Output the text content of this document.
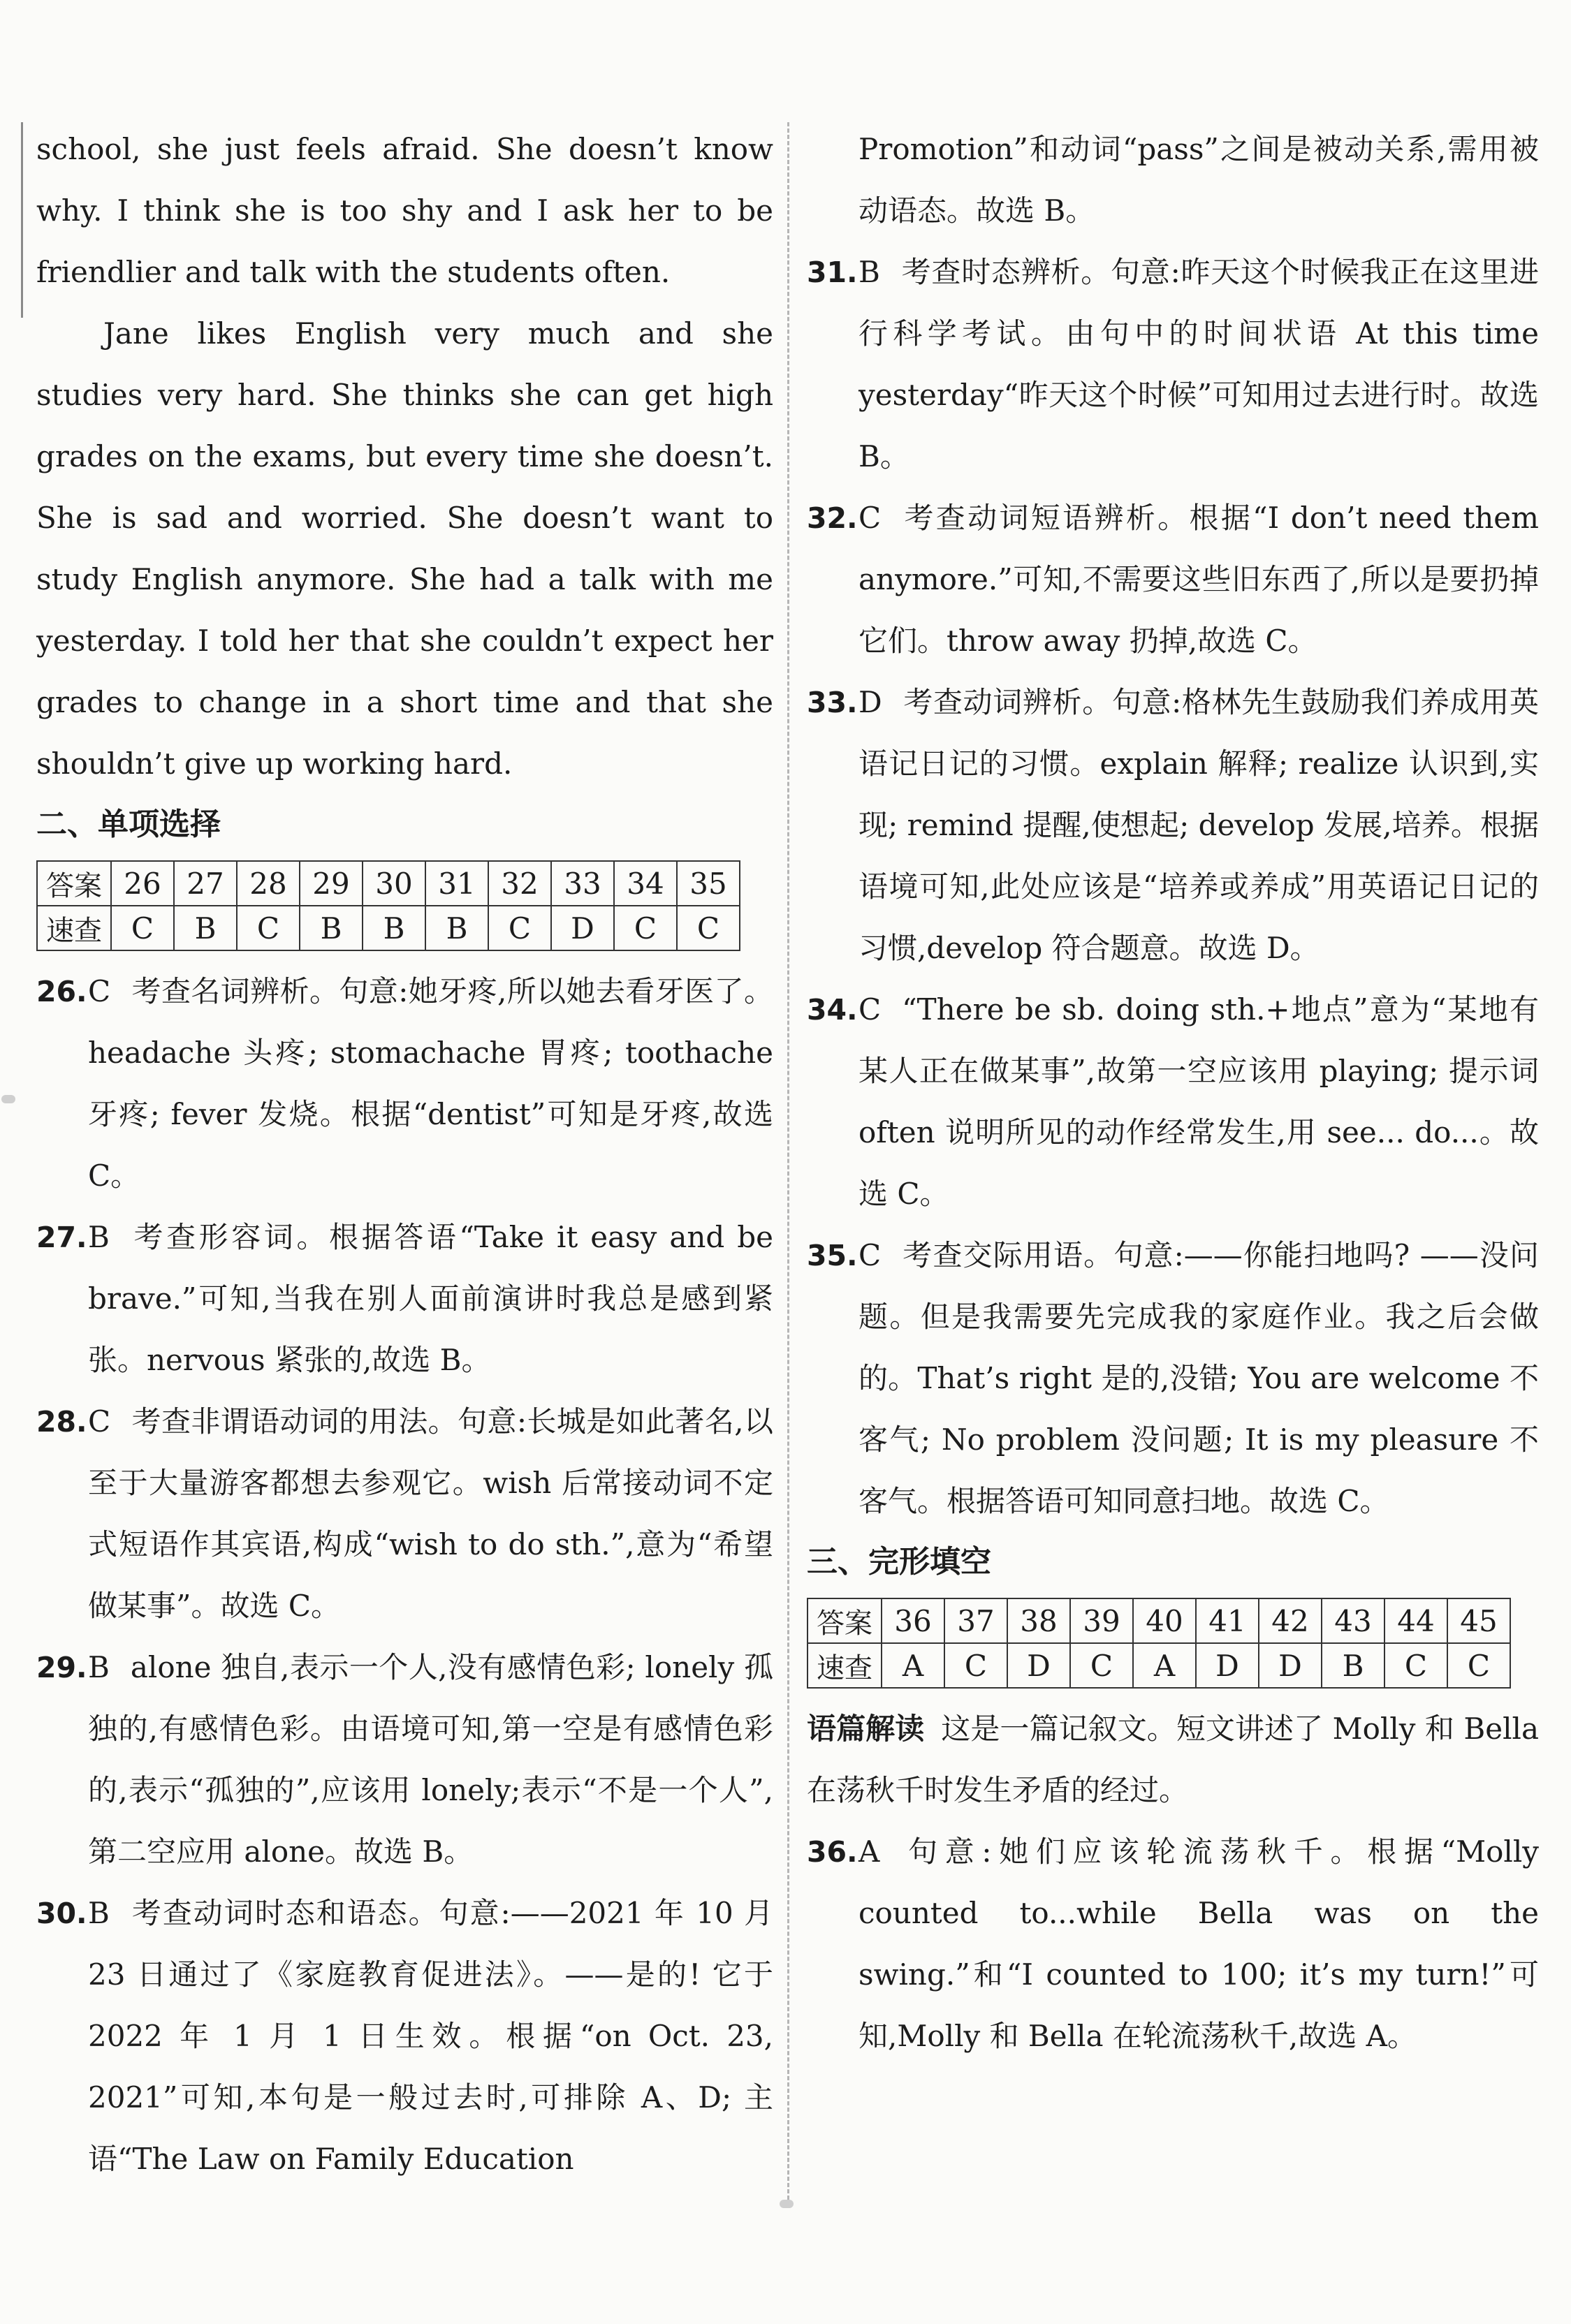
school, she just feels afraid. She doesn’t know why. I think she is too shy and I ask her to be friendlier and talk with the students often.

Jane likes English very much and she studies very hard. She thinks she can get high grades on the exams, but every time she doesn’t. She is sad and worried. She doesn’t want to study English anymore. She had a talk with me yesterday. I told her that she couldn’t expect her grades to change in a short time and that she shouldn’t give up working hard.

二、单项选择
答案	26	27	28	29	30	31	32	33	34	35
速查	C	B	C	B	B	B	C	D	C	C

26. C 考查名词辨析。句意:她牙疼,所以她去看牙医了。headache 头疼; stomachache 胃疼; toothache 牙疼; fever 发烧。根据“dentist”可知是牙疼,故选 C。

27. B 考查形容词。根据答语“Take it easy and be brave.”可知,当我在别人面前演讲时我总是感到紧张。nervous 紧张的,故选 B。

28. C 考查非谓语动词的用法。句意:长城是如此著名,以至于大量游客都想去参观它。wish 后常接动词不定式短语作其宾语,构成“wish to do sth.”,意为“希望做某事”。故选 C。

29. B alone 独自,表示一个人,没有感情色彩; lonely 孤独的,有感情色彩。由语境可知,第一空是有感情色彩的,表示“孤独的”,应该用 lonely;表示“不是一个人”,第二空应用 alone。故选 B。

30. B 考查动词时态和语态。句意:——2021 年 10 月 23 日通过了《家庭教育促进法》。——是的! 它于 2022 年 1 月 1 日生效。根据“on Oct. 23, 2021”可知,本句是一般过去时,可排除 A、D; 主语“The Law on Family Education

Promotion”和动词“pass”之间是被动关系,需用被动语态。故选 B。

31. B 考查时态辨析。句意:昨天这个时候我正在这里进行科学考试。由句中的时间状语 At this time yesterday“昨天这个时候”可知用过去进行时。故选 B。

32. C 考查动词短语辨析。根据“I don’t need them anymore.”可知,不需要这些旧东西了,所以是要扔掉它们。throw away 扔掉,故选 C。

33. D 考查动词辨析。句意:格林先生鼓励我们养成用英语记日记的习惯。explain 解释; realize 认识到,实现; remind 提醒,使想起; develop 发展,培养。根据语境可知,此处应该是“培养或养成”用英语记日记的习惯,develop 符合题意。故选 D。

34. C “There be sb. doing sth.+地点”意为“某地有某人正在做某事”,故第一空应该用 playing; 提示词 often 说明所见的动作经常发生,用 see... do...。故选 C。

35. C 考查交际用语。句意:——你能扫地吗? ——没问题。但是我需要先完成我的家庭作业。我之后会做的。That’s right 是的,没错; You are welcome 不客气; No problem 没问题; It is my pleasure 不客气。根据答语可知同意扫地。故选 C。

三、完形填空
答案	36	37	38	39	40	41	42	43	44	45
速查	A	C	D	C	A	D	D	B	C	C

语篇解读 这是一篇记叙文。短文讲述了 Molly 和 Bella 在荡秋千时发生矛盾的经过。

36. A 句意:她们应该轮流荡秋千。根据“Molly counted to...while Bella was on the swing.”和“I counted to 100; it’s my turn!”可知,Molly 和 Bella 在轮流荡秋千,故选 A。
